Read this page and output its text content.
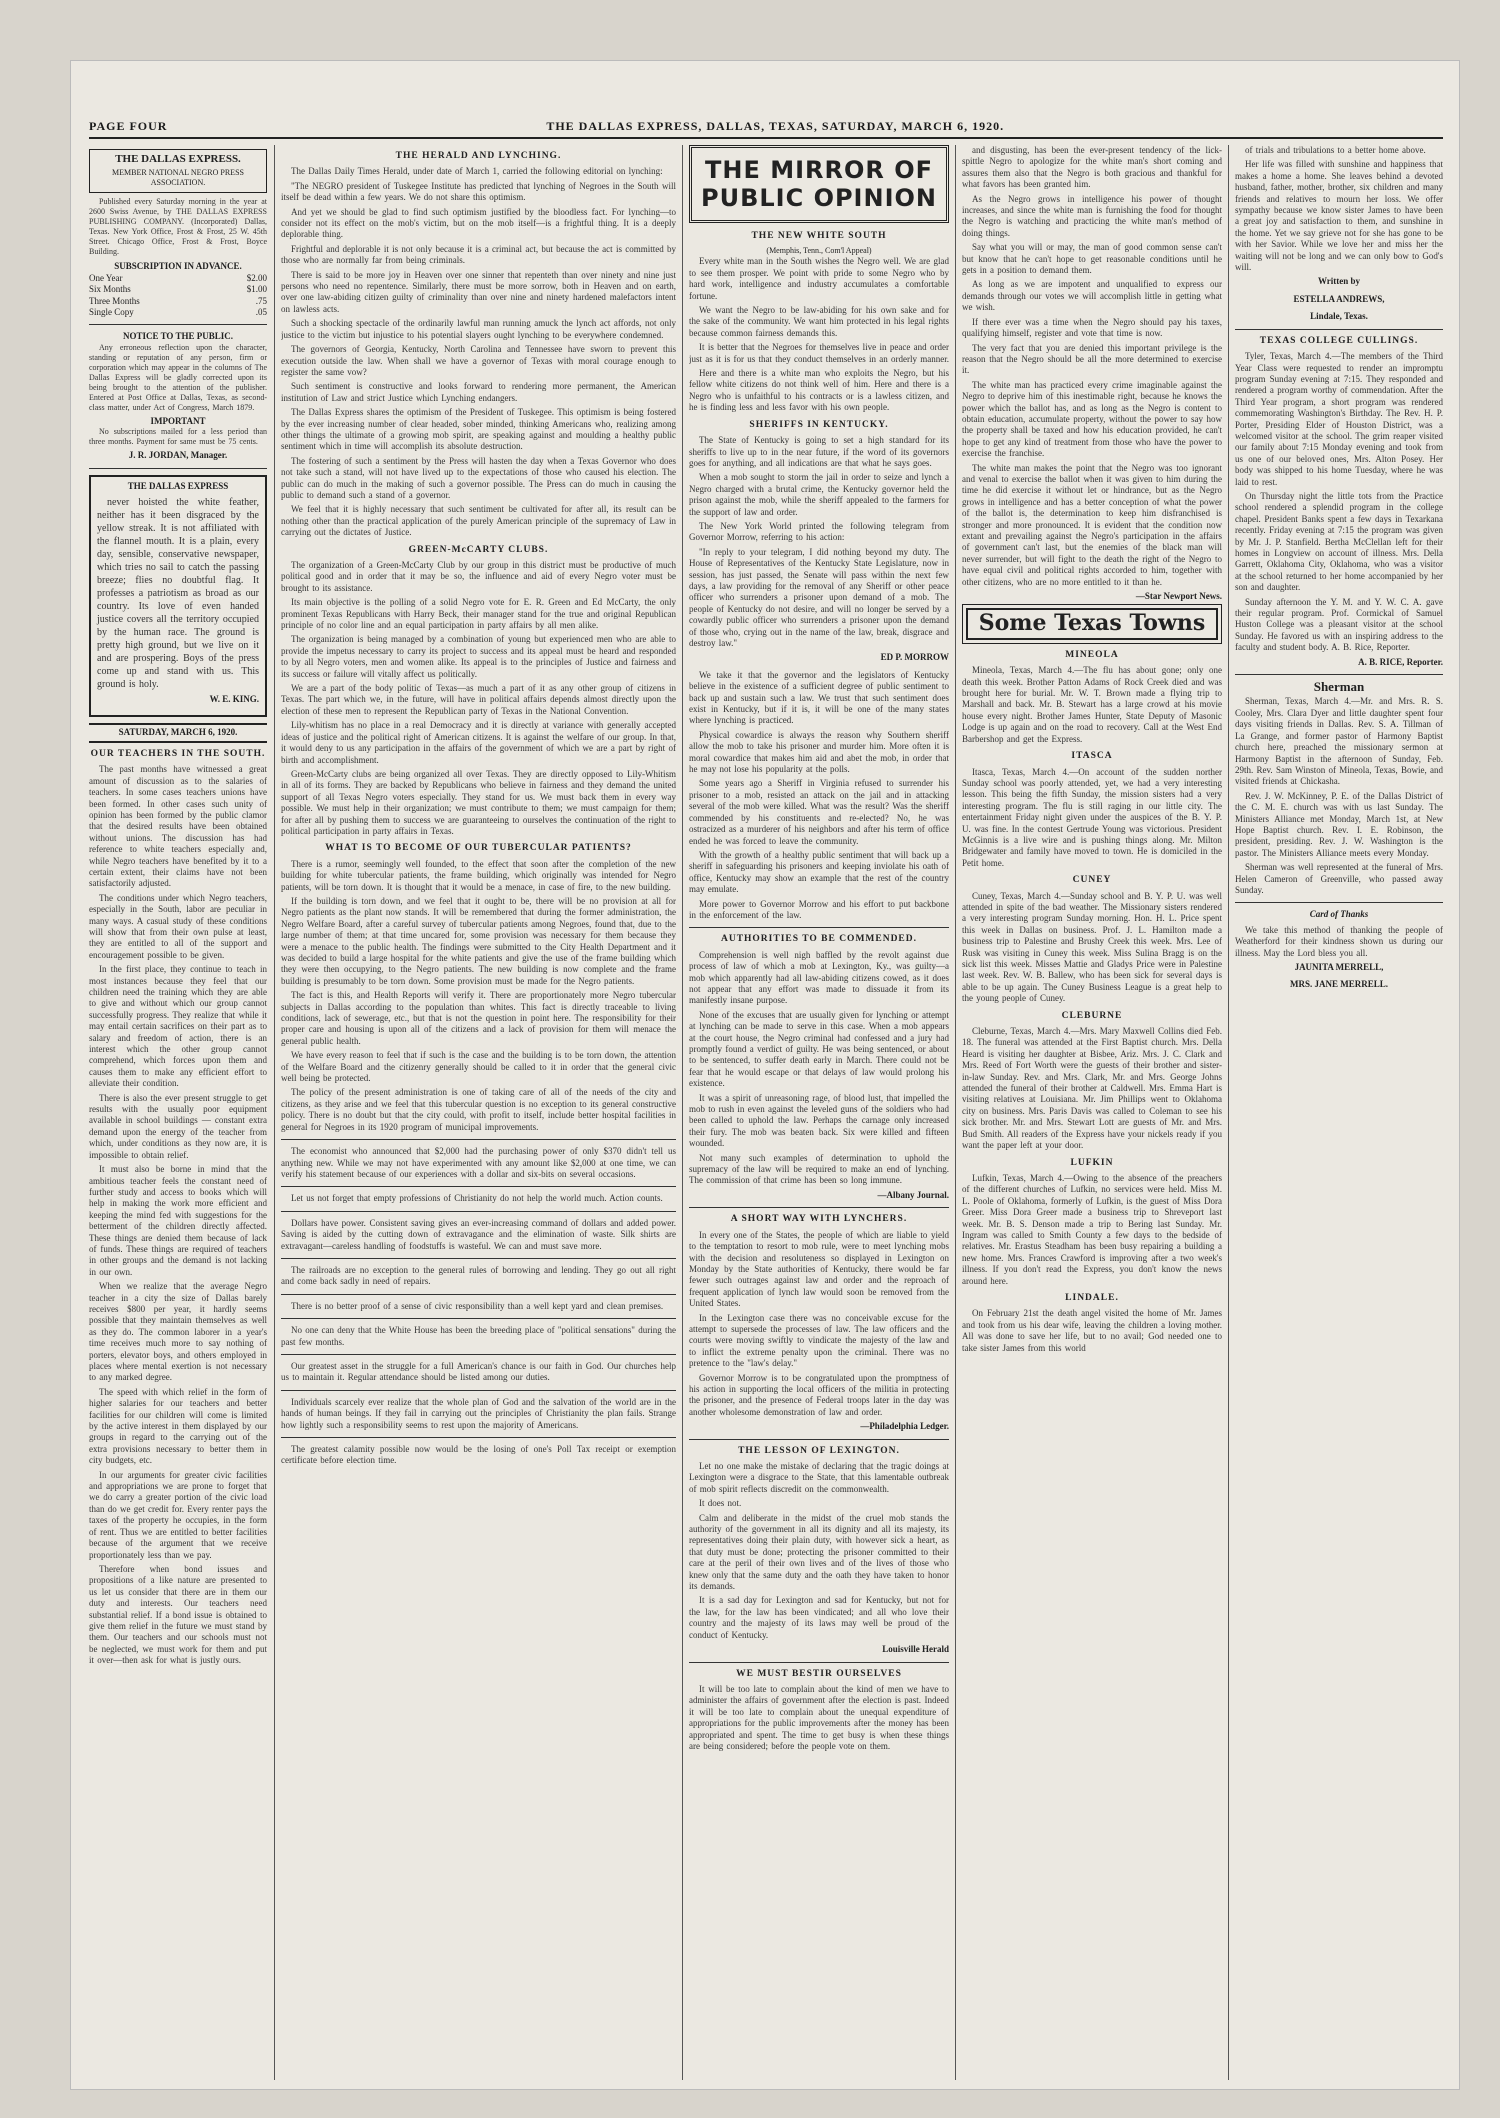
PAGE FOUR	THE DALLAS EXPRESS, DALLAS, TEXAS, SATURDAY, MARCH 6, 1920.
THE DALLAS EXPRESS.
MEMBER NATIONAL NEGRO PRESS ASSOCIATION.

Published every Saturday morning in the year at 2600 Swiss Avenue, by THE DALLAS EXPRESS PUBLISHING COMPANY. (Incorporated) Dallas, Texas. New York Office, Frost & Frost, 25 W. 45th Street. Chicago Office, Frost & Frost, Boyce Building.

SUBSCRIPTION IN ADVANCE.
One Year	$2.00
Six Months	$1.00
Three Months	.75
Single Copy	.05
NOTICE TO THE PUBLIC.

Any erroneous reflection upon the character, standing or reputation of any person, firm or corporation which may appear in the columns of The Dallas Express will be gladly corrected upon its being brought to the attention of the publisher. Entered at Post Office at Dallas, Texas, as second-class matter, under Act of Congress, March 1879.

IMPORTANT

No subscriptions mailed for a less period than three months. Payment for same must be 75 cents.

J. R. JORDAN, Manager.
THE DALLAS EXPRESS

never hoisted the white feather, neither has it been disgraced by the yellow streak. It is not affiliated with the flannel mouth. It is a plain, every day, sensible, conservative newspaper, which tries no sail to catch the passing breeze; flies no doubtful flag. It professes a patriotism as broad as our country. Its love of even handed justice covers all the territory occupied by the human race. The ground is pretty high ground, but we live on it and are prospering. Boys of the press come up and stand with us. This ground is holy.

W. E. KING.
SATURDAY, MARCH 6, 1920.
OUR TEACHERS IN THE SOUTH.

The past months have witnessed a great amount of discussion as to the salaries of teachers. In some cases teachers unions have been formed. In other cases such unity of opinion has been formed by the public clamor that the desired results have been obtained without unions. The discussion has had reference to white teachers especially and, while Negro teachers have benefited by it to a certain extent, their claims have not been satisfactorily adjusted.

The conditions under which Negro teachers, especially in the South, labor are peculiar in many ways. A casual study of these conditions will show that from their own pulse at least, they are entitled to all of the support and encouragement possible to be given.

In the first place, they continue to teach in most instances because they feel that our children need the training which they are able to give and without which our group cannot successfully progress. They realize that while it may entail certain sacrifices on their part as to salary and freedom of action, there is an interest which the other group cannot comprehend, which forces upon them and causes them to make any efficient effort to alleviate their condition.

There is also the ever present struggle to get results with the usually poor equipment available in school buildings — constant extra demand upon the energy of the teacher from which, under conditions as they now are, it is impossible to obtain relief.

It must also be borne in mind that the ambitious teacher feels the constant need of further study and access to books which will help in making the work more efficient and keeping the mind fed with suggestions for the betterment of the children directly affected. These things are denied them because of lack of funds. These things are required of teachers in other groups and the demand is not lacking in our own.

When we realize that the average Negro teacher in a city the size of Dallas barely receives $800 per year, it hardly seems possible that they maintain themselves as well as they do. The common laborer in a year's time receives much more to say nothing of porters, elevator boys, and others employed in places where mental exertion is not necessary to any marked degree.

The speed with which relief in the form of higher salaries for our teachers and better facilities for our children will come is limited by the active interest in them displayed by our groups in regard to the carrying out of the extra provisions necessary to better them in city budgets, etc.

In our arguments for greater civic facilities and appropriations we are prone to forget that we do carry a greater portion of the civic load than do we get credit for. Every renter pays the taxes of the property he occupies, in the form of rent. Thus we are entitled to better facilities because of the argument that we receive proportionately less than we pay.

Therefore when bond issues and propositions of a like nature are presented to us let us consider that there are in them our duty and interests. Our teachers need substantial relief. If a bond issue is obtained to give them relief in the future we must stand by them. Our teachers and our schools must not be neglected, we must work for them and put it over—then ask for what is justly ours.

THE HERALD AND LYNCHING.

The Dallas Daily Times Herald, under date of March 1, carried the following editorial on lynching:

"The NEGRO president of Tuskegee Institute has predicted that lynching of Negroes in the South will itself be dead within a few years. We do not share this optimism.

And yet we should be glad to find such optimism justified by the bloodless fact. For lynching—to consider not its effect on the mob's victim, but on the mob itself—is a frightful thing. It is a deeply deplorable thing.

Frightful and deplorable it is not only because it is a criminal act, but because the act is committed by those who are normally far from being criminals.

There is said to be more joy in Heaven over one sinner that repenteth than over ninety and nine just persons who need no repentence. Similarly, there must be more sorrow, both in Heaven and on earth, over one law-abiding citizen guilty of criminality than over nine and ninety hardened malefactors intent on lawless acts.

Such a shocking spectacle of the ordinarily lawful man running amuck the lynch act affords, not only justice to the victim but injustice to his potential slayers ought lynching to be everywhere condemned.

The governors of Georgia, Kentucky, North Carolina and Tennessee have sworn to prevent this execution outside the law. When shall we have a governor of Texas with moral courage enough to register the same vow?

Such sentiment is constructive and looks forward to rendering more permanent, the American institution of Law and strict Justice which Lynching endangers.

The Dallas Express shares the optimism of the President of Tuskegee. This optimism is being fostered by the ever increasing number of clear headed, sober minded, thinking Americans who, realizing among other things the ultimate of a growing mob spirit, are speaking against and moulding a healthy public sentiment which in time will accomplish its absolute destruction.

The fostering of such a sentiment by the Press will hasten the day when a Texas Governor who does not take such a stand, will not have lived up to the expectations of those who caused his election. The public can do much in the making of such a governor possible. The Press can do much in causing the public to demand such a stand of a governor.

We feel that it is highly necessary that such sentiment be cultivated for after all, its result can be nothing other than the practical application of the purely American principle of the supremacy of Law in carrying out the dictates of Justice.

GREEN-McCARTY CLUBS.

The organization of a Green-McCarty Club by our group in this district must be productive of much political good and in order that it may be so, the influence and aid of every Negro voter must be brought to its assistance.

Its main objective is the polling of a solid Negro vote for E. R. Green and Ed McCarty, the only prominent Texas Republicans with Harry Beck, their manager stand for the true and original Republican principle of no color line and an equal participation in party affairs by all men alike.

The organization is being managed by a combination of young but experienced men who are able to provide the impetus necessary to carry its project to success and its appeal must be heard and responded to by all Negro voters, men and women alike. Its appeal is to the principles of Justice and fairness and its success or failure will vitally affect us politically.

We are a part of the body politic of Texas—as much a part of it as any other group of citizens in Texas. The part which we, in the future, will have in political affairs depends almost directly upon the election of these men to represent the Republican party of Texas in the National Convention.

Lily-whitism has no place in a real Democracy and it is directly at variance with generally accepted ideas of justice and the political right of American citizens. It is against the welfare of our group. In that, it would deny to us any participation in the affairs of the government of which we are a part by right of birth and accomplishment.

Green-McCarty clubs are being organized all over Texas. They are directly opposed to Lily-Whitism in all of its forms. They are backed by Republicans who believe in fairness and they demand the united support of all Texas Negro voters especially. They stand for us. We must back them in every way possible. We must help in their organization; we must contribute to them; we must campaign for them; for after all by pushing them to success we are guaranteeing to ourselves the continuation of the right to political participation in party affairs in Texas.

WHAT IS TO BECOME OF OUR TUBERCULAR PATIENTS?

There is a rumor, seemingly well founded, to the effect that soon after the completion of the new building for white tubercular patients, the frame building, which originally was intended for Negro patients, will be torn down. It is thought that it would be a menace, in case of fire, to the new building.

If the building is torn down, and we feel that it ought to be, there will be no provision at all for Negro patients as the plant now stands. It will be remembered that during the former administration, the Negro Welfare Board, after a careful survey of tubercular patients among Negroes, found that, due to the large number of them; at that time uncared for, some provision was necessary for them because they were a menace to the public health. The findings were submitted to the City Health Department and it was decided to build a large hospital for the white patients and give the use of the frame building which they were then occupying, to the Negro patients. The new building is now complete and the frame building is presumably to be torn down. Some provision must be made for the Negro patients.

The fact is this, and Health Reports will verify it. There are proportionately more Negro tubercular subjects in Dallas according to the population than whites. This fact is directly traceable to living conditions, lack of sewerage, etc., but that is not the question in point here. The responsibility for their proper care and housing is upon all of the citizens and a lack of provision for them will menace the general public health.

We have every reason to feel that if such is the case and the building is to be torn down, the attention of the Welfare Board and the citizenry generally should be called to it in order that the general civic well being be protected.

The policy of the present administration is one of taking care of all of the needs of the city and citizens, as they arise and we feel that this tubercular question is no exception to its general constructive policy. There is no doubt but that the city could, with profit to itself, include better hospital facilities in general for Negroes in its 1920 program of municipal improvements.

The economist who announced that $2,000 had the purchasing power of only $370 didn't tell us anything new. While we may not have experimented with any amount like $2,000 at one time, we can verify his statement because of our experiences with a dollar and six-bits on several occasions.

Let us not forget that empty professions of Christianity do not help the world much. Action counts.

Dollars have power. Consistent saving gives an ever-increasing command of dollars and added power. Saving is aided by the cutting down of extravagance and the elimination of waste. Silk shirts are extravagant—careless handling of foodstuffs is wasteful. We can and must save more.

The railroads are no exception to the general rules of borrowing and lending. They go out all right and come back sadly in need of repairs.

There is no better proof of a sense of civic responsibility than a well kept yard and clean premises.

No one can deny that the White House has been the breeding place of "political sensations" during the past few months.

Our greatest asset in the struggle for a full American's chance is our faith in God. Our churches help us to maintain it. Regular attendance should be listed among our duties.

Individuals scarcely ever realize that the whole plan of God and the salvation of the world are in the hands of human beings. If they fail in carrying out the principles of Christianity the plan fails. Strange how lightly such a responsibility seems to rest upon the majority of Americans.

The greatest calamity possible now would be the losing of one's Poll Tax receipt or exemption certificate before election time.

THE MIRROR OF PUBLIC OPINION
THE NEW WHITE SOUTH
(Memphis, Tenn., Com'l Appeal)

Every white man in the South wishes the Negro well. We are glad to see them prosper. We point with pride to some Negro who by hard work, intelligence and industry accumulates a comfortable fortune.

We want the Negro to be law-abiding for his own sake and for the sake of the community. We want him protected in his legal rights because common fairness demands this.

It is better that the Negroes for themselves live in peace and order just as it is for us that they conduct themselves in an orderly manner.

Here and there is a white man who exploits the Negro, but his fellow white citizens do not think well of him. Here and there is a Negro who is unfaithful to his contracts or is a lawless citizen, and he is finding less and less favor with his own people.

SHERIFFS IN KENTUCKY.

The State of Kentucky is going to set a high standard for its sheriffs to live up to in the near future, if the word of its governors goes for anything, and all indications are that what he says goes.

When a mob sought to storm the jail in order to seize and lynch a Negro charged with a brutal crime, the Kentucky governor held the prison against the mob, while the sheriff appealed to the farmers for the support of law and order.

The New York World printed the following telegram from Governor Morrow, referring to his action:

"In reply to your telegram, I did nothing beyond my duty. The House of Representatives of the Kentucky State Legislature, now in session, has just passed, the Senate will pass within the next few days, a law providing for the removal of any Sheriff or other peace officer who surrenders a prisoner upon demand of a mob. The people of Kentucky do not desire, and will no longer be served by a cowardly public officer who surrenders a prisoner upon the demand of those who, crying out in the name of the law, break, disgrace and destroy law."

ED P. MORROW

We take it that the governor and the legislators of Kentucky believe in the existence of a sufficient degree of public sentiment to back up and sustain such a law. We trust that such sentiment does exist in Kentucky, but if it is, it will be one of the many states where lynching is practiced.

Physical cowardice is always the reason why Southern sheriff allow the mob to take his prisoner and murder him. More often it is moral cowardice that makes him aid and abet the mob, in order that he may not lose his popularity at the polls.

Some years ago a Sheriff in Virginia refused to surrender his prisoner to a mob, resisted an attack on the jail and in attacking several of the mob were killed. What was the result? Was the sheriff commended by his constituents and re-elected? No, he was ostracized as a murderer of his neighbors and after his term of office ended he was forced to leave the community.

With the growth of a healthy public sentiment that will back up a sheriff in safeguarding his prisoners and keeping inviolate his oath of office, Kentucky may show an example that the rest of the country may emulate.

More power to Governor Morrow and his effort to put backbone in the enforcement of the law.

AUTHORITIES TO BE COMMENDED.

Comprehension is well nigh baffled by the revolt against due process of law of which a mob at Lexington, Ky., was guilty—a mob which apparently had all law-abiding citizens cowed, as it does not appear that any effort was made to dissuade it from its manifestly insane purpose.

None of the excuses that are usually given for lynching or attempt at lynching can be made to serve in this case. When a mob appears at the court house, the Negro criminal had confessed and a jury had promptly found a verdict of guilty. He was being sentenced, or about to be sentenced, to suffer death early in March. There could not be fear that he would escape or that delays of law would prolong his existence.

It was a spirit of unreasoning rage, of blood lust, that impelled the mob to rush in even against the leveled guns of the soldiers who had been called to uphold the law. Perhaps the carnage only increased their fury. The mob was beaten back. Six were killed and fifteen wounded.

Not many such examples of determination to uphold the supremacy of the law will be required to make an end of lynching. The commission of that crime has been so long immune.

—Albany Journal.
A SHORT WAY WITH LYNCHERS.

In every one of the States, the people of which are liable to yield to the temptation to resort to mob rule, were to meet lynching mobs with the decision and resoluteness so displayed in Lexington on Monday by the State authorities of Kentucky, there would be far fewer such outrages against law and order and the reproach of frequent application of lynch law would soon be removed from the United States.

In the Lexington case there was no conceivable excuse for the attempt to supersede the processes of law. The law officers and the courts were moving swiftly to vindicate the majesty of the law and to inflict the extreme penalty upon the criminal. There was no pretence to the "law's delay."

Governor Morrow is to be congratulated upon the promptness of his action in supporting the local officers of the militia in protecting the prisoner, and the presence of Federal troops later in the day was another wholesome demonstration of law and order.

—Philadelphia Ledger.
THE LESSON OF LEXINGTON.

Let no one make the mistake of declaring that the tragic doings at Lexington were a disgrace to the State, that this lamentable outbreak of mob spirit reflects discredit on the commonwealth.

It does not.

Calm and deliberate in the midst of the cruel mob stands the authority of the government in all its dignity and all its majesty, its representatives doing their plain duty, with however sick a heart, as that duty must be done; protecting the prisoner committed to their care at the peril of their own lives and of the lives of those who knew only that the same duty and the oath they have taken to honor its demands.

It is a sad day for Lexington and sad for Kentucky, but not for the law, for the law has been vindicated; and all who love their country and the majesty of its laws may well be proud of the conduct of Kentucky.

Louisville Herald
WE MUST BESTIR OURSELVES

It will be too late to complain about the kind of men we have to administer the affairs of government after the election is past. Indeed it will be too late to complain about the unequal expenditure of appropriations for the public improvements after the money has been appropriated and spent. The time to get busy is when these things are being considered; before the people vote on them.

and disgusting, has been the ever-present tendency of the lick-spittle Negro to apologize for the white man's short coming and assures them also that the Negro is both gracious and thankful for what favors has been granted him.

As the Negro grows in intelligence his power of thought increases, and since the white man is furnishing the food for thought the Negro is watching and practicing the white man's method of doing things.

Say what you will or may, the man of good common sense can't but know that he can't hope to get reasonable conditions until he gets in a position to demand them.

As long as we are impotent and unqualified to express our demands through our votes we will accomplish little in getting what we wish.

If there ever was a time when the Negro should pay his taxes, qualifying himself, register and vote that time is now.

The very fact that you are denied this important privilege is the reason that the Negro should be all the more determined to exercise it.

The white man has practiced every crime imaginable against the Negro to deprive him of this inestimable right, because he knows the power which the ballot has, and as long as the Negro is content to obtain education, accumulate property, without the power to say how the property shall be taxed and how his education provided, he can't hope to get any kind of treatment from those who have the power to exercise the franchise.

The white man makes the point that the Negro was too ignorant and venal to exercise the ballot when it was given to him during the time he did exercise it without let or hindrance, but as the Negro grows in intelligence and has a better conception of what the power of the ballot is, the determination to keep him disfranchised is stronger and more pronounced. It is evident that the condition now extant and prevailing against the Negro's participation in the affairs of government can't last, but the enemies of the black man will never surrender, but will fight to the death the right of the Negro to have equal civil and political rights accorded to him, together with other citizens, who are no more entitled to it than he.

—Star Newport News.
Some Texas Towns
MINEOLA

Mineola, Texas, March 4.—The flu has about gone; only one death this week. Brother Patton Adams of Rock Creek died and was brought here for burial. Mr. W. T. Brown made a flying trip to Marshall and back. Mr. B. Stewart has a large crowd at his movie house every night. Brother James Hunter, State Deputy of Masonic Lodge is up again and on the road to recovery. Call at the West End Barbershop and get the Express.

ITASCA

Itasca, Texas, March 4.—On account of the sudden norther Sunday school was poorly attended, yet, we had a very interesting lesson. This being the fifth Sunday, the mission sisters had a very interesting program. The flu is still raging in our little city. The entertainment Friday night given under the auspices of the B. Y. P. U. was fine. In the contest Gertrude Young was victorious. President McGinnis is a live wire and is pushing things along. Mr. Milton Bridgewater and family have moved to town. He is domiciled in the Petit home.

CUNEY

Cuney, Texas, March 4.—Sunday school and B. Y. P. U. was well attended in spite of the bad weather. The Missionary sisters rendered a very interesting program Sunday morning. Hon. H. L. Price spent this week in Dallas on business. Prof. J. L. Hamilton made a business trip to Palestine and Brushy Creek this week. Mrs. Lee of Rusk was visiting in Cuney this week. Miss Sulina Bragg is on the sick list this week. Misses Mattie and Gladys Price were in Palestine last week. Rev. W. B. Ballew, who has been sick for several days is able to be up again. The Cuney Business League is a great help to the young people of Cuney.

CLEBURNE

Cleburne, Texas, March 4.—Mrs. Mary Maxwell Collins died Feb. 18. The funeral was attended at the First Baptist church. Mrs. Della Heard is visiting her daughter at Bisbee, Ariz. Mrs. J. C. Clark and Mrs. Reed of Fort Worth were the guests of their brother and sister-in-law Sunday. Rev. and Mrs. Clark, Mr. and Mrs. George Johns attended the funeral of their brother at Caldwell. Mrs. Emma Hart is visiting relatives at Louisiana. Mr. Jim Phillips went to Oklahoma city on business. Mrs. Paris Davis was called to Coleman to see his sick brother. Mr. and Mrs. Stewart Lott are guests of Mr. and Mrs. Bud Smith. All readers of the Express have your nickels ready if you want the paper left at your door.

LUFKIN

Lufkin, Texas, March 4.—Owing to the absence of the preachers of the different churches of Lufkin, no services were held. Miss M. L. Poole of Oklahoma, formerly of Lufkin, is the guest of Miss Dora Greer. Miss Dora Greer made a business trip to Shreveport last week. Mr. B. S. Denson made a trip to Bering last Sunday. Mr. Ingram was called to Smith County a few days to the bedside of relatives. Mr. Erastus Steadham has been busy repairing a building a new home. Mrs. Frances Crawford is improving after a two week's illness. If you don't read the Express, you don't know the news around here.

LINDALE.

On February 21st the death angel visited the home of Mr. James and took from us his dear wife, leaving the children a loving mother. All was done to save her life, but to no avail; God needed one to take sister James from this world

of trials and tribulations to a better home above.

Her life was filled with sunshine and happiness that makes a home a home. She leaves behind a devoted husband, father, mother, brother, six children and many friends and relatives to mourn her loss. We offer sympathy because we know sister James to have been a great joy and satisfaction to them, and sunshine in the home. Yet we say grieve not for she has gone to be with her Savior. While we love her and miss her the waiting will not be long and we can only bow to God's will.

Written by
ESTELLA ANDREWS,
Lindale, Texas.
TEXAS COLLEGE CULLINGS.

Tyler, Texas, March 4.—The members of the Third Year Class were requested to render an impromptu program Sunday evening at 7:15. They responded and rendered a program worthy of commendation. After the Third Year program, a short program was rendered commemorating Washington's Birthday. The Rev. H. P. Porter, Presiding Elder of Houston District, was a welcomed visitor at the school. The grim reaper visited our family about 7:15 Monday evening and took from us one of our beloved ones, Mrs. Alton Posey. Her body was shipped to his home Tuesday, where he was laid to rest.

On Thursday night the little tots from the Practice school rendered a splendid program in the college chapel. President Banks spent a few days in Texarkana recently. Friday evening at 7:15 the program was given by Mr. J. P. Stanfield. Bertha McClellan left for their homes in Longview on account of illness. Mrs. Della Garrett, Oklahoma City, Oklahoma, who was a visitor at the school returned to her home accompanied by her son and daughter.

Sunday afternoon the Y. M. and Y. W. C. A. gave their regular program. Prof. Cormickal of Samuel Huston College was a pleasant visitor at the school Sunday. He favored us with an inspiring address to the faculty and student body. A. B. Rice, Reporter.

A. B. RICE, Reporter.
Sherman

Sherman, Texas, March 4.—Mr. and Mrs. R. S. Cooley, Mrs. Clara Dyer and little daughter spent four days visiting friends in Dallas. Rev. S. A. Tillman of La Grange, and former pastor of Harmony Baptist church here, preached the missionary sermon at Harmony Baptist in the afternoon of Sunday, Feb. 29th. Rev. Sam Winston of Mineola, Texas, Bowie, and visited friends at Chickasha.

Rev. J. W. McKinney, P. E. of the Dallas District of the C. M. E. church was with us last Sunday. The Ministers Alliance met Monday, March 1st, at New Hope Baptist church. Rev. I. E. Robinson, the president, presiding. Rev. J. W. Washington is the pastor. The Ministers Alliance meets every Monday.

Sherman was well represented at the funeral of Mrs. Helen Cameron of Greenville, who passed away Sunday.

Card of Thanks

We take this method of thanking the people of Weatherford for their kindness shown us during our illness. May the Lord bless you all.

JAUNITA MERRELL,
MRS. JANE MERRELL.
